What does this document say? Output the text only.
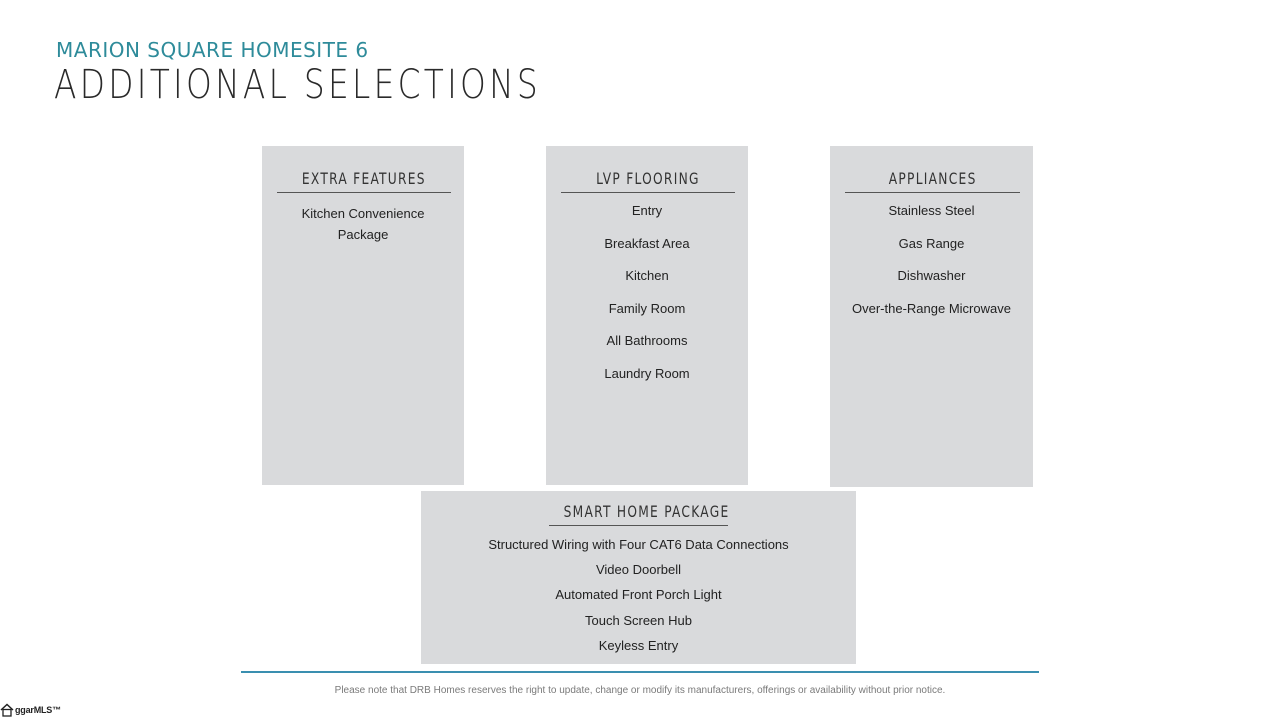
MARION SQUARE HOMESITE 6
ADDITIONAL SELECTIONS
EXTRA FEATURES
Kitchen Convenience Package
LVP FLOORING
Entry
Breakfast Area
Kitchen
Family Room
All Bathrooms
Laundry Room
APPLIANCES
Stainless Steel
Gas Range
Dishwasher
Over-the-Range Microwave
SMART HOME PACKAGE
Structured Wiring with Four CAT6 Data Connections
Video Doorbell
Automated Front Porch Light
Touch Screen Hub
Keyless Entry
Please note that DRB Homes reserves the right to update, change or modify its manufacturers, offerings or availability without prior notice.
ggarMLS™
